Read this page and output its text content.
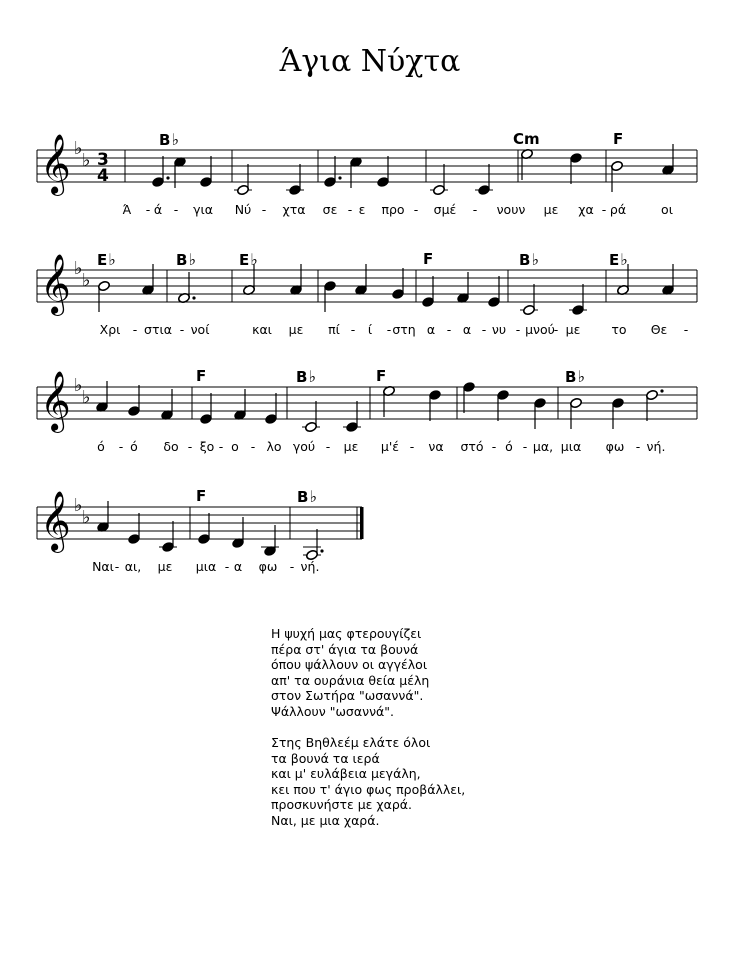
Άγια Νύχτα
𝄞 ♭
♭ 3
4
𝄞 ♭
♭
𝄞 ♭
♭
𝄞 ♭
♭
B♭	Cm	F
Ά - ά - για Νύ - χτα σε - ε προ - σμέ - νουν με χα - ρά	οι
E♭	B♭	E♭	F	B♭	E♭
Χρι - στια - νοί	και με πί - ί - στη α - α - νυ - μνού
- με το Θε -
F	B♭	F	B♭
ό - ό δο - ξο - ο - λο γού - με μ'έ - να στό - ό - μα, μια φω - νή.
F	B♭
Ναι - αι, με μια - α φω - νή.
Η ψυχή μας φτερουγίζει
πέρα στ' άγια τα βουνά
όπου ψάλλουν οι αγγέλοι
απ' τα ουράνια θεία μέλη
στον Σωτήρα "ωσαννά".
Ψάλλουν "ωσαννά".
Στης Βηθλεέμ ελάτε όλοι
τα βουνά τα ιερά
και μ' ευλάβεια μεγάλη,
κει που τ' άγιο φως προβάλλει,
προσκυνήστε με χαρά.
Ναι, με μια χαρά.
